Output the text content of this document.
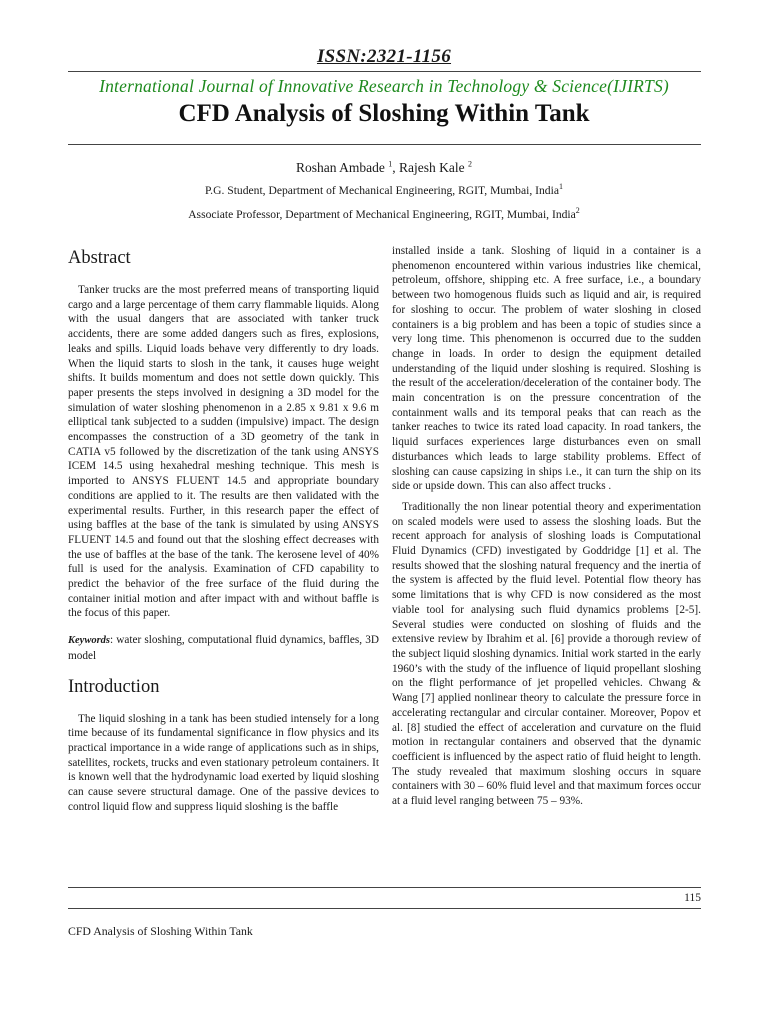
ISSN:2321-1156
International Journal of Innovative Research in Technology & Science(IJIRTS)
CFD Analysis of Sloshing Within Tank
Roshan Ambade $^1$, Rajesh Kale $^2$
P.G. Student, Department of Mechanical Engineering, RGIT, Mumbai, India$^1$
Associate Professor, Department of Mechanical Engineering, RGIT, Mumbai, India$^2$
Abstract

Tanker trucks are the most preferred means of transporting liquid cargo and a large percentage of them carry flammable liquids. Along with the usual dangers that are associated with tanker truck accidents, there are some added dangers such as fires, explosions, leaks and spills. Liquid loads behave very differently to dry loads. When the liquid starts to slosh in the tank, it causes huge weight shifts. It builds momentum and does not settle down quickly. This paper presents the steps involved in designing a 3D model for the simulation of water sloshing phenomenon in a 2.85 x 9.81 x 9.6 m elliptical tank subjected to a sudden (impulsive) impact. The design encompasses the construction of a 3D geometry of the tank in CATIA v5 followed by the discretization of the tank using ANSYS ICEM 14.5 using hexahedral meshing technique. This mesh is imported to ANSYS FLUENT 14.5 and appropriate boundary conditions are applied to it. The results are then validated with the experimental results. Further, in this research paper the effect of using baffles at the base of the tank is simulated by using ANSYS FLUENT 14.5 and found out that the sloshing effect decreases with the use of baffles at the base of the tank. The kerosene level of 40% full is used for the analysis. Examination of CFD capability to predict the behavior of the free surface of the fluid during the container initial motion and after impact with and without baffle is the focus of this paper.

Keywords: water sloshing, computational fluid dynamics, baffles, 3D model

Introduction

The liquid sloshing in a tank has been studied intensely for a long time because of its fundamental significance in flow physics and its practical importance in a wide range of applications such as in ships, satellites, rockets, trucks and even stationary petroleum containers. It is known well that the hydrodynamic load exerted by liquid sloshing can cause severe structural damage. One of the passive devices to control liquid flow and suppress liquid sloshing is the baffle

installed inside a tank. Sloshing of liquid in a container is a phenomenon encountered within various industries like chemical, petroleum, offshore, shipping etc. A free surface, i.e., a boundary between two homogenous fluids such as liquid and air, is required for sloshing to occur. The problem of water sloshing in closed containers is a big problem and has been a topic of studies since a very long time. This phenomenon is occurred due to the sudden change in loads. In order to design the equipment detailed understanding of the liquid under sloshing is required. Sloshing is the result of the acceleration/deceleration of the container body. The main concentration is on the pressure concentration of the containment walls and its temporal peaks that can reach as the tanker reaches to twice its rated load capacity. In road tankers, the liquid surfaces experiences large disturbances even on small disturbances which leads to large stability problems. Effect of sloshing can cause capsizing in ships i.e., it can turn the ship on its side or upside down. This can also affect trucks .

Traditionally the non linear potential theory and experimentation on scaled models were used to assess the sloshing loads. But the recent approach for analysis of sloshing loads is Computational Fluid Dynamics (CFD) investigated by Goddridge [1] et al. The results showed that the sloshing natural frequency and the inertia of the system is affected by the fluid level. Potential flow theory has some limitations that is why CFD is now considered as the most viable tool for analysing such fluid dynamics problems [2-5]. Several studies were conducted on sloshing of fluids and the extensive review by Ibrahim et al. [6] provide a thorough review of the subject liquid sloshing dynamics. Initial work started in the early 1960’s with the study of the influence of liquid propellant sloshing on the flight performance of jet propelled vehicles. Chwang & Wang [7] applied nonlinear theory to calculate the pressure force in accelerating rectangular and circular container. Moreover, Popov et al. [8] studied the effect of acceleration and curvature on the fluid motion in rectangular containers and observed that the dynamic coefficient is influenced by the aspect ratio of fluid height to length. The study revealed that maximum sloshing occurs in square containers with 30 – 60% fluid level and that maximum forces occur at a fluid level ranging between 75 – 93%.

115
CFD Analysis of Sloshing Within Tank
